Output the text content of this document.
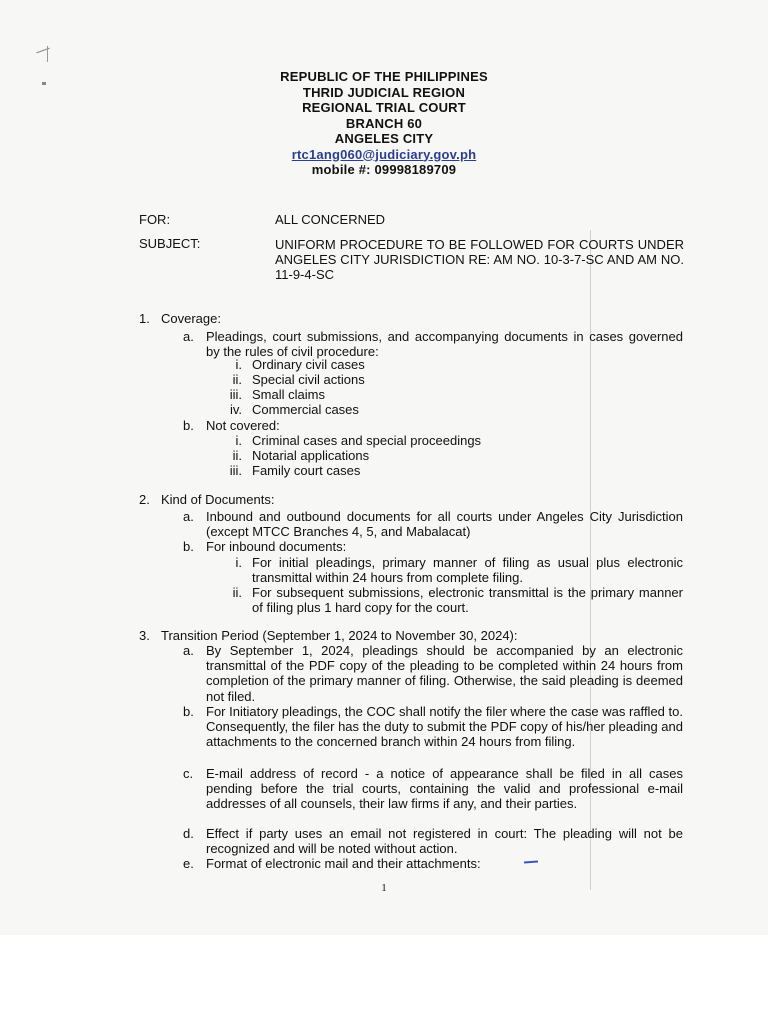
REPUBLIC OF THE PHILIPPINES
THRID JUDICIAL REGION
REGIONAL TRIAL COURT
BRANCH 60
ANGELES CITY
rtc1ang060@judiciary.gov.ph
mobile #: 09998189709
FOR:	ALL CONCERNED
SUBJECT:	UNIFORM PROCEDURE TO BE FOLLOWED FOR COURTS UNDER ANGELES CITY JURISDICTION RE: AM NO. 10-3-7-SC AND AM NO. 11-9-4-SC
1. Coverage:
a. Pleadings, court submissions, and accompanying documents in cases governed by the rules of civil procedure:
i. Ordinary civil cases
ii. Special civil actions
iii. Small claims
iv. Commercial cases
b. Not covered:
i. Criminal cases and special proceedings
ii. Notarial applications
iii. Family court cases
2. Kind of Documents:
a. Inbound and outbound documents for all courts under Angeles City Jurisdiction (except MTCC Branches 4, 5, and Mabalacat)
b. For inbound documents:
i. For initial pleadings, primary manner of filing as usual plus electronic transmittal within 24 hours from complete filing.
ii. For subsequent submissions, electronic transmittal is the primary manner of filing plus 1 hard copy for the court.
3. Transition Period (September 1, 2024 to November 30, 2024):
a. By September 1, 2024, pleadings should be accompanied by an electronic transmittal of the PDF copy of the pleading to be completed within 24 hours from completion of the primary manner of filing. Otherwise, the said pleading is deemed not filed.
b. For Initiatory pleadings, the COC shall notify the filer where the case was raffled to. Consequently, the filer has the duty to submit the PDF copy of his/her pleading and attachments to the concerned branch within 24 hours from filing.
c. E-mail address of record - a notice of appearance shall be filed in all cases pending before the trial courts, containing the valid and professional e-mail addresses of all counsels, their law firms if any, and their parties.
d. Effect if party uses an email not registered in court: The pleading will not be recognized and will be noted without action.
e. Format of electronic mail and their attachments:
1
